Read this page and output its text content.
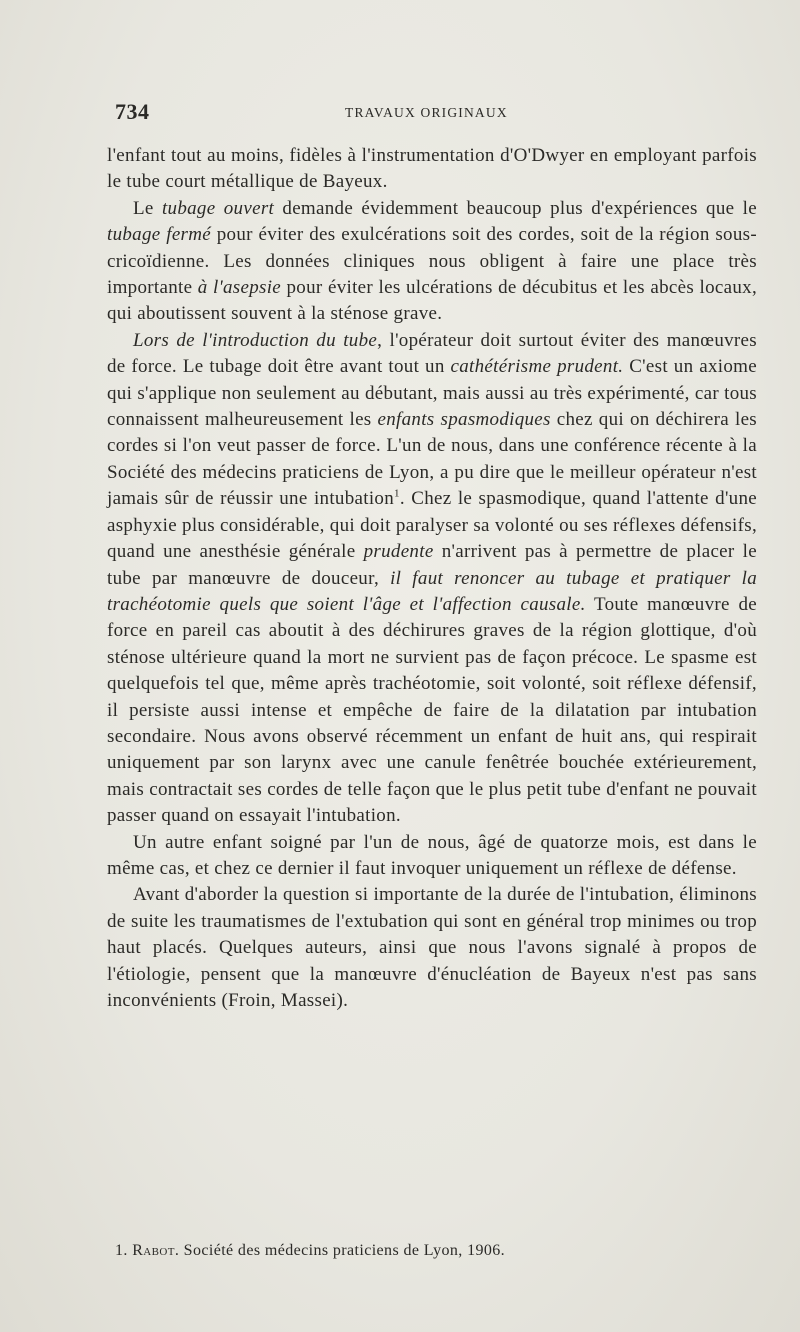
734	TRAVAUX ORIGINAUX

l'enfant tout au moins, fidèles à l'instrumentation d'O'Dwyer en employant parfois le tube court métallique de Bayeux.

Le tubage ouvert demande évidemment beaucoup plus d'expériences que le tubage fermé pour éviter des exulcérations soit des cordes, soit de la région sous-cricoïdienne. Les données cliniques nous obligent à faire une place très importante à l'asepsie pour éviter les ulcérations de décubitus et les abcès locaux, qui aboutissent souvent à la sténose grave.

Lors de l'introduction du tube, l'opérateur doit surtout éviter des manœuvres de force. Le tubage doit être avant tout un cathétérisme prudent. C'est un axiome qui s'applique non seulement au débutant, mais aussi au très expérimenté, car tous connaissent malheureusement les enfants spasmodiques chez qui on déchirera les cordes si l'on veut passer de force. L'un de nous, dans une conférence récente à la Société des médecins praticiens de Lyon, a pu dire que le meilleur opérateur n'est jamais sûr de réussir une intubation$^1$. Chez le spasmodique, quand l'attente d'une asphyxie plus considérable, qui doit paralyser sa volonté ou ses réflexes défensifs, quand une anesthésie générale prudente n'arrivent pas à permettre de placer le tube par manœuvre de douceur, il faut renoncer au tubage et pratiquer la trachéotomie quels que soient l'âge et l'affection causale. Toute manœuvre de force en pareil cas aboutit à des déchirures graves de la région glottique, d'où sténose ultérieure quand la mort ne survient pas de façon précoce. Le spasme est quelquefois tel que, même après trachéotomie, soit volonté, soit réflexe défensif, il persiste aussi intense et empêche de faire de la dilatation par intubation secondaire. Nous avons observé récemment un enfant de huit ans, qui respirait uniquement par son larynx avec une canule fenêtrée bouchée extérieurement, mais contractait ses cordes de telle façon que le plus petit tube d'enfant ne pouvait passer quand on essayait l'intubation.

Un autre enfant soigné par l'un de nous, âgé de quatorze mois, est dans le même cas, et chez ce dernier il faut invoquer uniquement un réflexe de défense.

Avant d'aborder la question si importante de la durée de l'intubation, éliminons de suite les traumatismes de l'extubation qui sont en général trop minimes ou trop haut placés. Quelques auteurs, ainsi que nous l'avons signalé à propos de l'étiologie, pensent que la manœuvre d'énucléation de Bayeux n'est pas sans inconvénients (Froin, Massei).

1. Rabot. Société des médecins praticiens de Lyon, 1906.
